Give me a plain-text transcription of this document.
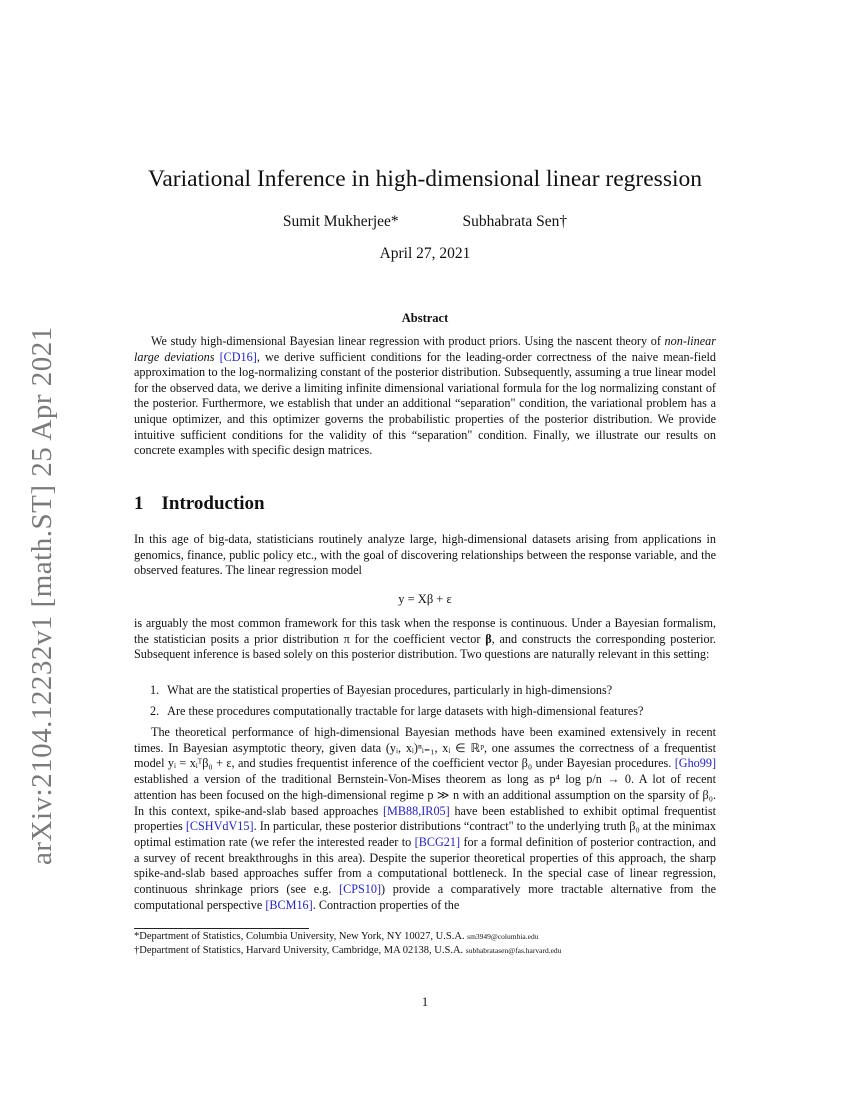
arXiv:2104.12232v1 [math.ST] 25 Apr 2021
Variational Inference in high-dimensional linear regression
Sumit Mukherjee*	Subhabrata Sen†
April 27, 2021
Abstract
We study high-dimensional Bayesian linear regression with product priors. Using the nascent theory of non-linear large deviations [CD16], we derive sufficient conditions for the leading-order correctness of the naive mean-field approximation to the log-normalizing constant of the posterior distribution. Subsequently, assuming a true linear model for the observed data, we derive a limiting infinite dimensional variational formula for the log normalizing constant of the posterior. Furthermore, we establish that under an additional “separation" condition, the variational problem has a unique optimizer, and this optimizer governs the probabilistic properties of the posterior distribution. We provide intuitive sufficient conditions for the validity of this “separation" condition. Finally, we illustrate our results on concrete examples with specific design matrices.
1 Introduction
In this age of big-data, statisticians routinely analyze large, high-dimensional datasets arising from applications in genomics, finance, public policy etc., with the goal of discovering relationships between the response variable, and the observed features. The linear regression model
y = Xβ + ε
is arguably the most common framework for this task when the response is continuous. Under a Bayesian formalism, the statistician posits a prior distribution π for the coefficient vector β, and constructs the corresponding posterior. Subsequent inference is based solely on this posterior distribution. Two questions are naturally relevant in this setting:
1. What are the statistical properties of Bayesian procedures, particularly in high-dimensions?
2. Are these procedures computationally tractable for large datasets with high-dimensional features?
The theoretical performance of high-dimensional Bayesian methods have been examined extensively in recent times. In Bayesian asymptotic theory, given data (yᵢ, xᵢ)ⁿᵢ₌₁, xᵢ ∈ ℝᵖ, one assumes the correctness of a frequentist model yᵢ = xᵢᵀβ₀ + ε, and studies frequentist inference of the coefficient vector β₀ under Bayesian procedures. [Gho99] established a version of the traditional Bernstein-Von-Mises theorem as long as p⁴ log p/n → 0. A lot of recent attention has been focused on the high-dimensional regime p ≫ n with an additional assumption on the sparsity of β₀. In this context, spike-and-slab based approaches [MB88,IR05] have been established to exhibit optimal frequentist properties [CSHVdV15]. In particular, these posterior distributions “contract" to the underlying truth β₀ at the minimax optimal estimation rate (we refer the interested reader to [BCG21] for a formal definition of posterior contraction, and a survey of recent breakthroughs in this area). Despite the superior theoretical properties of this approach, the sharp spike-and-slab based approaches suffer from a computational bottleneck. In the special case of linear regression, continuous shrinkage priors (see e.g. [CPS10]) provide a comparatively more tractable alternative from the computational perspective [BCM16]. Contraction properties of the
*Department of Statistics, Columbia University, New York, NY 10027, U.S.A. sm3949@columbia.edu
†Department of Statistics, Harvard University, Cambridge, MA 02138, U.S.A. subhabratasen@fas.harvard.edu
1
